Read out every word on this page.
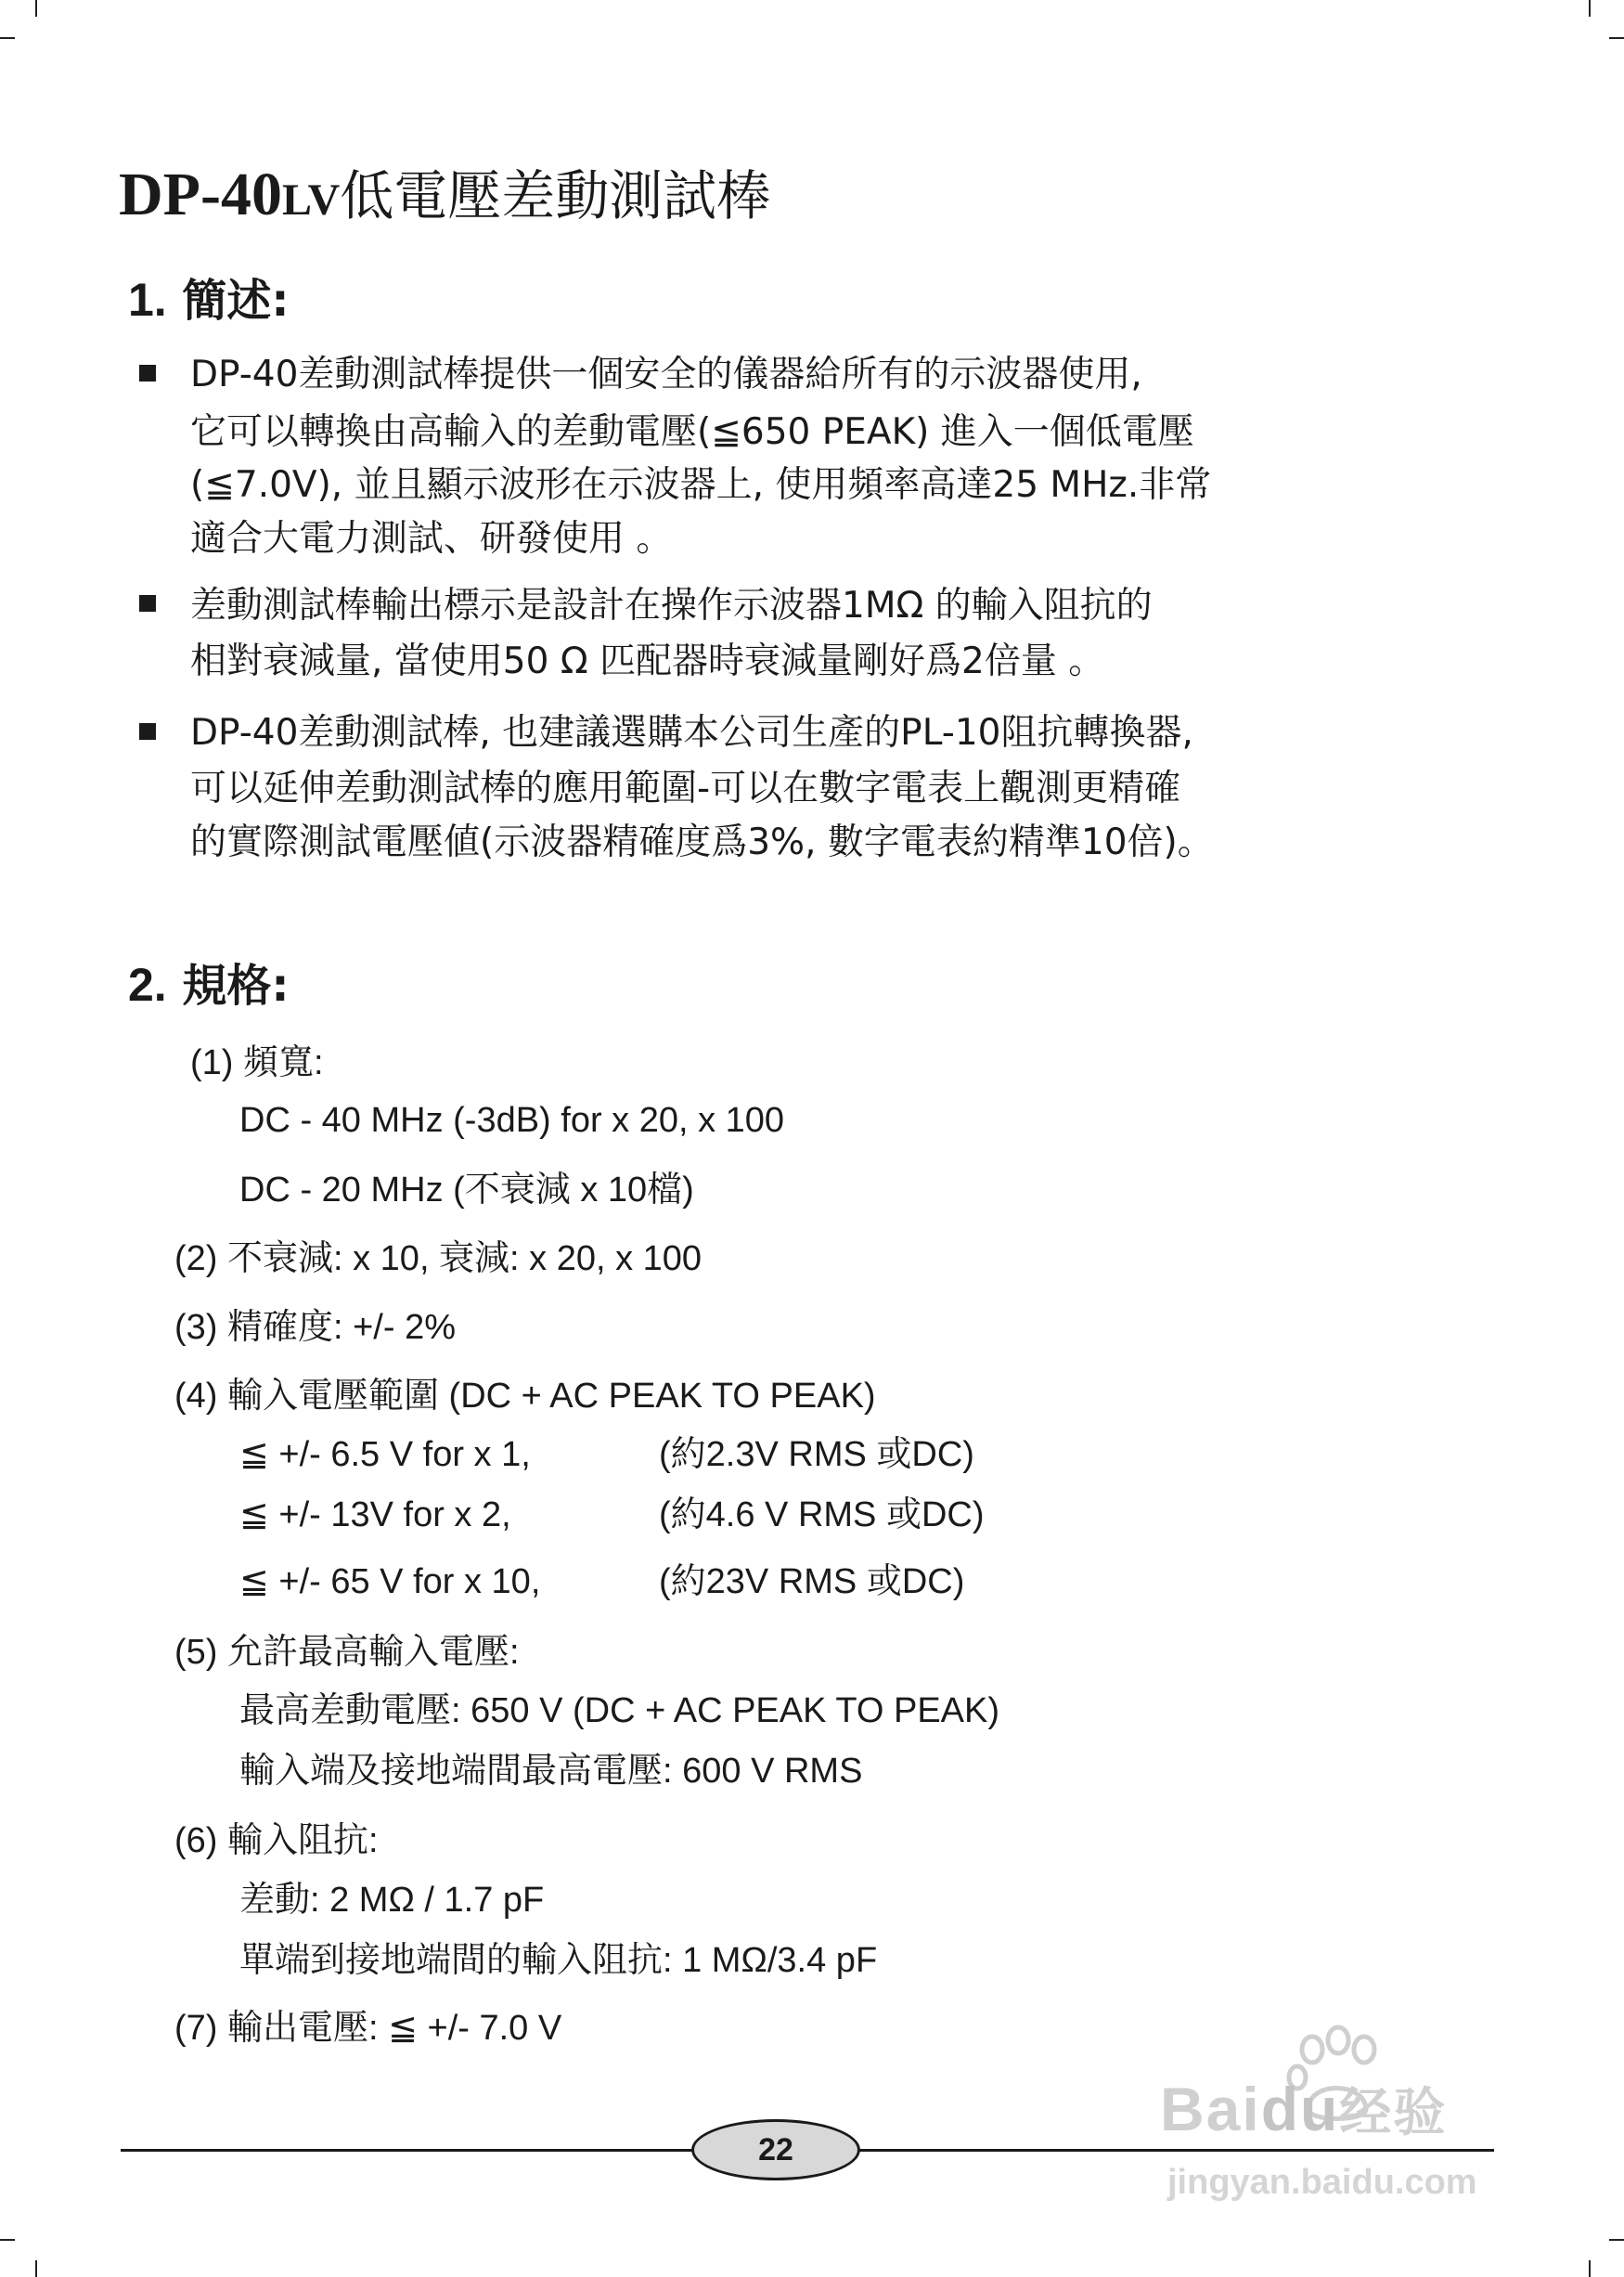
DP-40LV低電壓差動測試棒
1. 簡述:
DP-40差動測試棒提供一個安全的儀器給所有的示波器使用,
它可以轉換由高輸入的差動電壓(≦650 PEAK) 進入一個低電壓
(≦7.0V), 並且顯示波形在示波器上, 使用頻率高達25 MHz.非常
適合大電力測試、研發使用 。
差動測試棒輸出標示是設計在操作示波器1MΩ 的輸入阻抗的
相對衰減量, 當使用50 Ω 匹配器時衰減量剛好爲2倍量 。
DP-40差動測試棒, 也建議選購本公司生產的PL-10阻抗轉換器,
可以延伸差動測試棒的應用範圍-可以在數字電表上觀測更精確
的實際測試電壓値(示波器精確度爲3%, 數字電表約精準10倍)。
2. 規格:
(1) 頻寬:
DC - 40 MHz (-3dB) for x 20, x 100
DC - 20 MHz (不衰減 x 10檔)
(2) 不衰減: x 10, 衰減: x 20, x 100
(3) 精確度: +/- 2%
(4) 輸入電壓範圍 (DC + AC PEAK TO PEAK)
≦ +/- 6.5 V for x 1,	(約2.3V RMS 或DC)
≦ +/- 13V for x 2,	(約4.6 V RMS 或DC)
≦ +/- 65 V for x 10,	(約23V RMS 或DC)
(5) 允許最高輸入電壓:
最高差動電壓: 650 V (DC + AC PEAK TO PEAK)
輸入端及接地端間最高電壓: 600 V RMS
(6) 輸入阻抗:
差動: 2 MΩ / 1.7 pF
單端到接地端間的輸入阻抗: 1 MΩ/3.4 pF
(7) 輸出電壓: ≦ +/- 7.0 V
Baidu经验
jingyan.baidu.com
22
